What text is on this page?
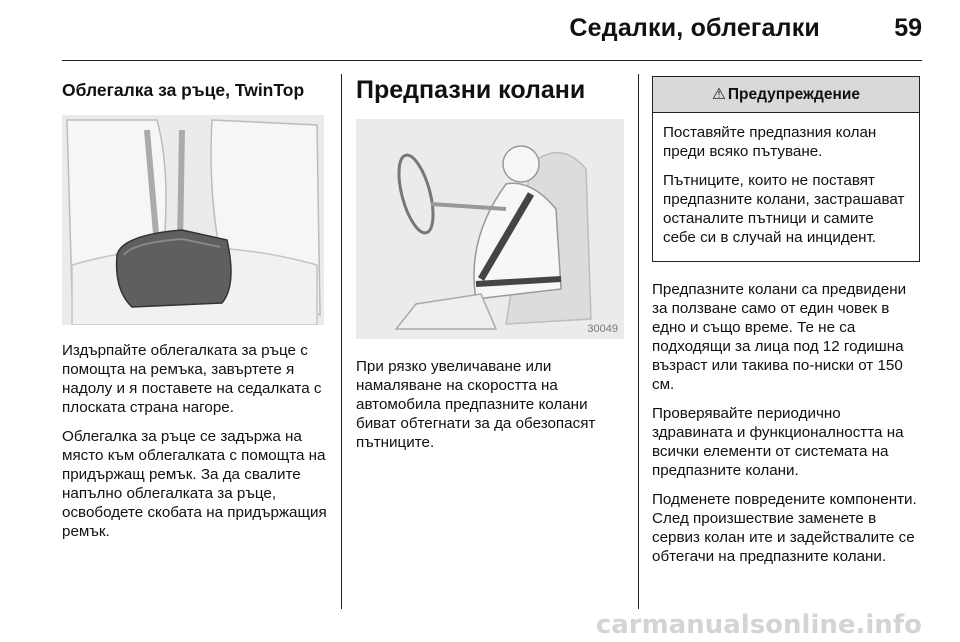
Седалки, облегалки	59
Облегалка за ръце, TwinTop

Издърпайте облегалката за ръце с помощта на ремъка, завъртете я надолу и я поставете на седалката с плоската страна нагоре.

Облегалка за ръце се задържа на място към облегалката с помощта на придържащ ремък. За да свалите напълно облегалката за ръце, освободете скобата на придържащия ремък.

Предпазни колани
30049

При рязко увеличаване или намаляване на скоростта на автомобила предпазните колани биват обтегнати за да обезопасят пътниците.

⚠ Предупреждение

Поставяйте предпазния колан преди всяко пътуване.

Пътниците, които не поставят предпазните колани, застрашават останалите пътници и самите себе си в случай на инцидент.

Предпазните колани са предвидени за ползване само от един човек в едно и също време. Те не са подходящи за лица под 12 годишна възраст или такива по-ниски от 150 см.

Проверявайте периодично здравината и функционалността на всички елементи от системата на предпазните колани.

Подменете повредените компоненти. След произшествие заменете в сервиз колан ите и задействалите се обтегачи на предпазните колани.

carmanualsonline.info
